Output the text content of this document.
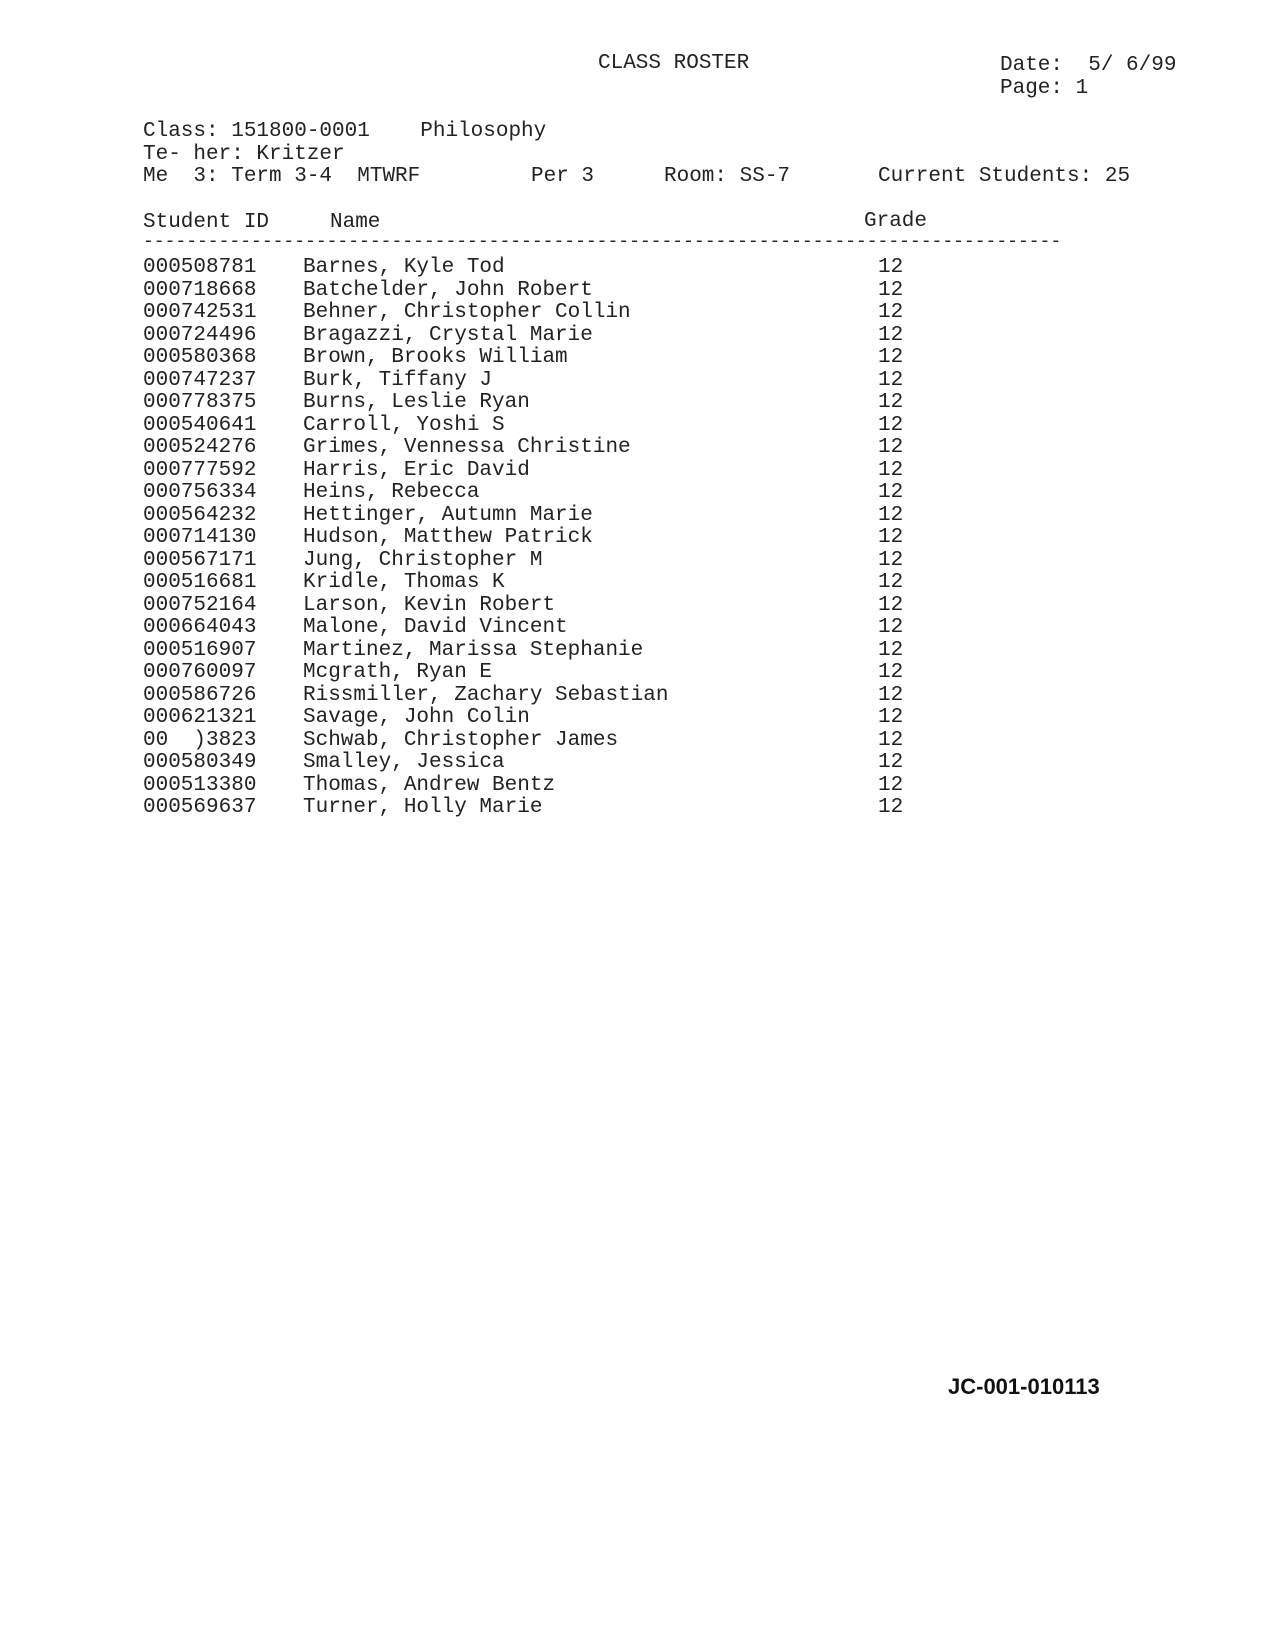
CLASS ROSTER	Date:  5/ 6/99
Page: 1
Class: 151800-0001    Philosophy
Te- her: Kritzer
Me  3: Term 3-4  MTWRF	Per 3	Room: SS-7	Current Students: 25
Student ID	Name	Grade
-------------------------------------------------------------------------------------
000508781 Barnes, Kyle Tod	12
000718668 Batchelder, John Robert	12
000742531 Behner, Christopher Collin	12
000724496 Bragazzi, Crystal Marie	12
000580368 Brown, Brooks William	12
000747237 Burk, Tiffany J	12
000778375 Burns, Leslie Ryan	12
000540641 Carroll, Yoshi S	12
000524276 Grimes, Vennessa Christine	12
000777592 Harris, Eric David	12
000756334 Heins, Rebecca	12
000564232 Hettinger, Autumn Marie	12
000714130 Hudson, Matthew Patrick	12
000567171 Jung, Christopher M	12
000516681 Kridle, Thomas K	12
000752164 Larson, Kevin Robert	12
000664043 Malone, David Vincent	12
000516907 Martinez, Marissa Stephanie	12
000760097 Mcgrath, Ryan E	12
000586726 Rissmiller, Zachary Sebastian	12
000621321 Savage, John Colin	12
00  )3823 Schwab, Christopher James	12
000580349 Smalley, Jessica	12
000513380 Thomas, Andrew Bentz	12
000569637 Turner, Holly Marie	12
JC-001-010113
